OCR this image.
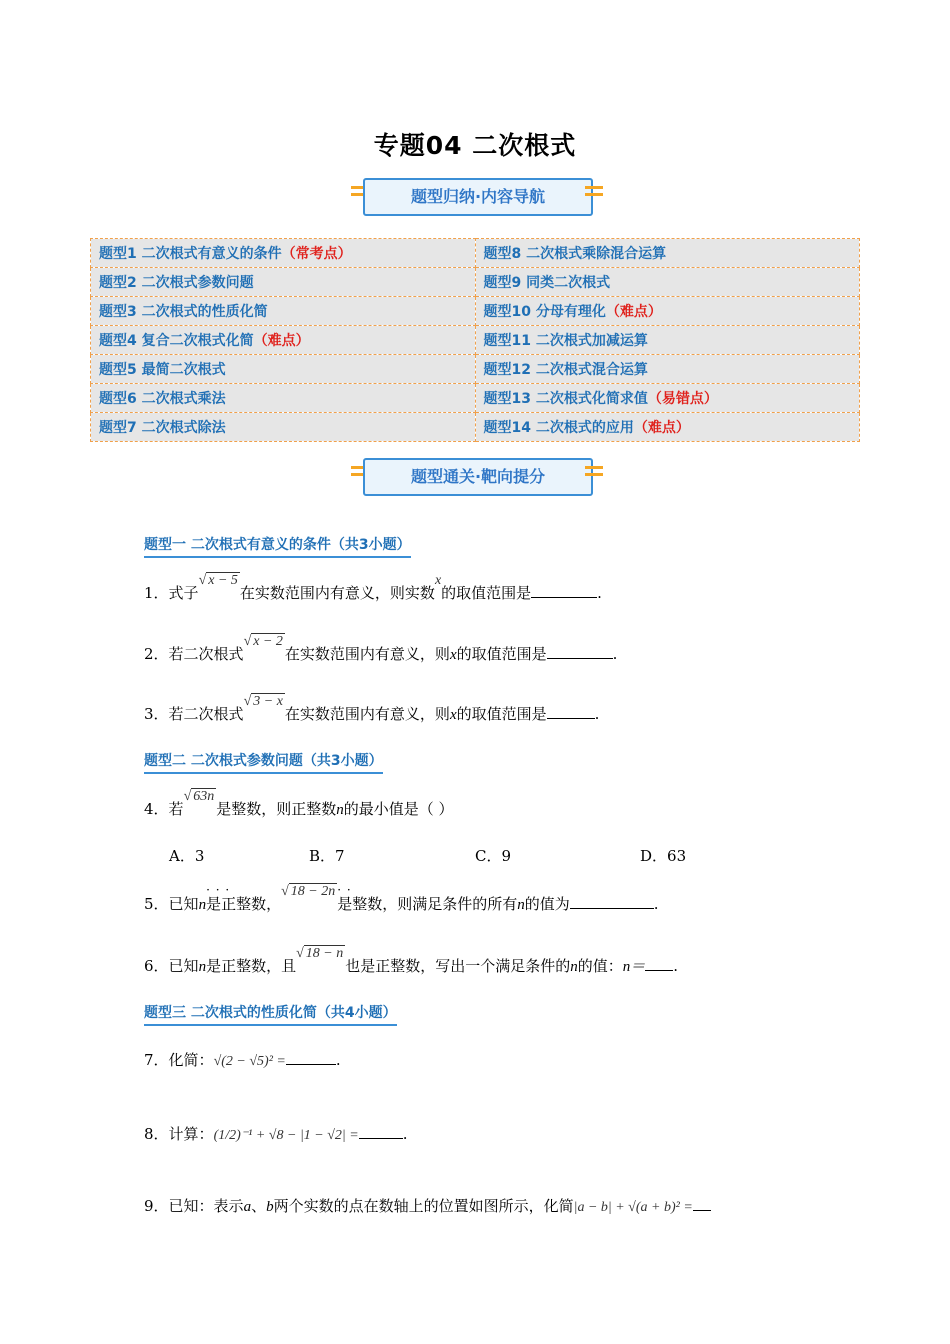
专题04 二次根式
题型归纳·内容导航
题型1 二次根式有意义的条件（常考点）	题型8 二次根式乘除混合运算
题型2 二次根式参数问题	题型9 同类二次根式
题型3 二次根式的性质化简	题型10 分母有理化（难点）
题型4 复合二次根式化简（难点）	题型11 二次根式加减运算
题型5 最简二次根式	题型12 二次根式混合运算
题型6 二次根式乘法	题型13 二次根式化简求值（易错点）
题型7 二次根式除法	题型14 二次根式的应用（难点）
题型通关·靶向提分
题型一 二次根式有意义的条件（共3小题）
1．式子√ x − 5在实数范围内有意义，则实数x的取值范围是	.
2．若二次根式√ x − 2在实数范围内有意义，则x的取值范围是	.
3．若二次根式√ 3 − x在实数范围内有意义，则x的取值范围是	.
题型二 二次根式参数问题（共3小题）
4．若√ 63n是整数，则正整数n的最小值是（ ）
A．3	B．7	C．9	D．63
5．已知n· · · 是正整数，√ 18 − 2n· · 是整数，则满足条件的所有n的值为	.
6．已知n是正整数，且√ 18 − n也是正整数，写出一个满足条件的n的值：n＝ .
题型三 二次根式的性质化简（共4小题）
7．化简：√(2 − √5)² =	.
8．计算：(1/2)⁻¹ + √8 − |1 − √2| =	.
9．已知：表示a、b两个实数的点在数轴上的位置如图所示，化简|a − b| + √(a + b)² =
